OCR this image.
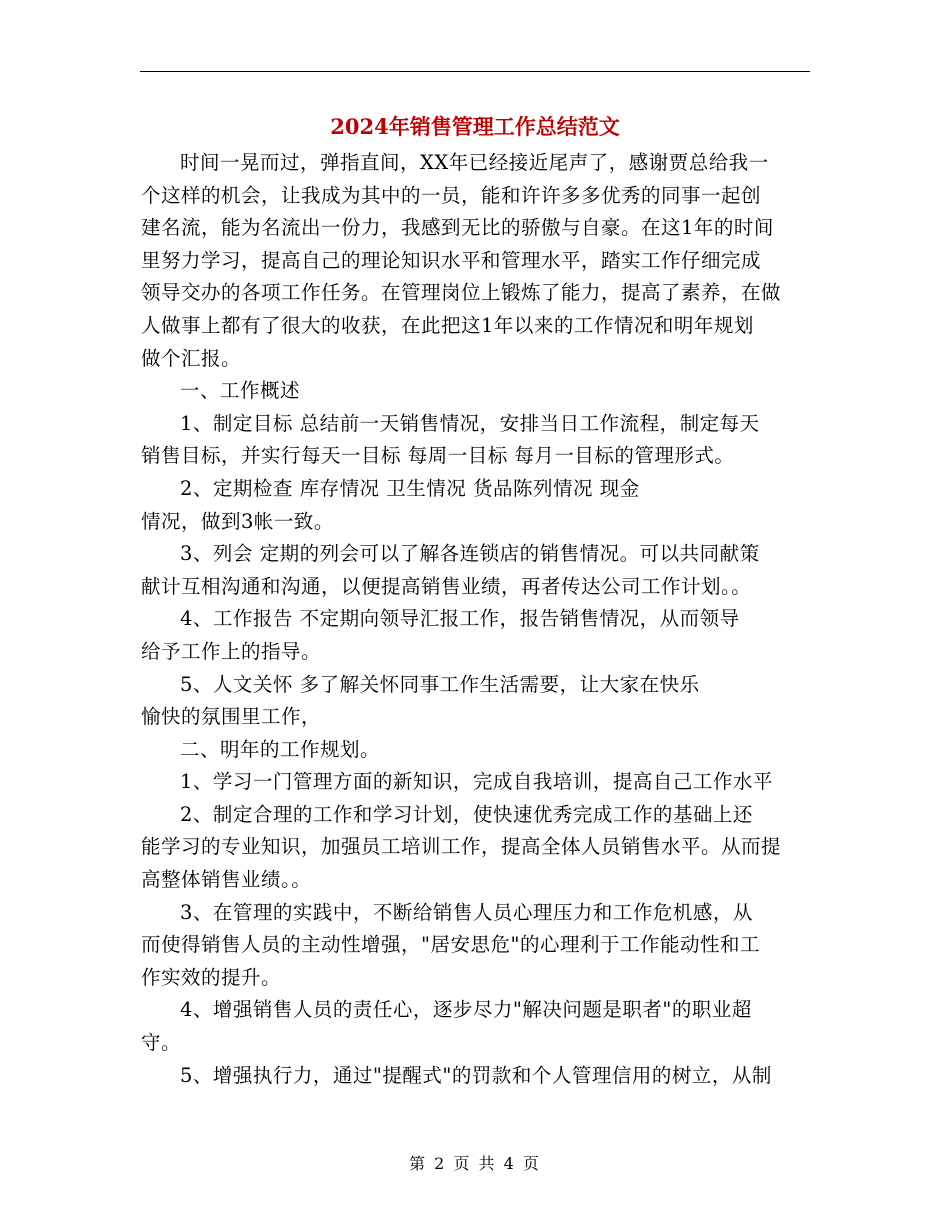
2024年销售管理工作总结范文

时间一晃而过，弹指直间，XX年已经接近尾声了，感谢贾总给我一
个这样的机会，让我成为其中的一员，能和许许多多优秀的同事一起创
建名流，能为名流出一份力，我感到无比的骄傲与自豪。在这1年的时间
里努力学习，提高自己的理论知识水平和管理水平，踏实工作仔细完成
领导交办的各项工作任务。在管理岗位上锻炼了能力，提高了素养，在做
人做事上都有了很大的收获，在此把这1年以来的工作情况和明年规划
做个汇报。

一、工作概述

1、制定目标 总结前一天销售情况，安排当日工作流程，制定每天
销售目标，并实行每天一目标 每周一目标 每月一目标的管理形式。

2、定期检查 库存情况 卫生情况 货品陈列情况 现金
情况，做到3帐一致。

3、列会 定期的列会可以了解各连锁店的销售情况。可以共同献策
献计互相沟通和沟通，以便提高销售业绩，再者传达公司工作计划。。

4、工作报告 不定期向领导汇报工作，报告销售情况，从而领导
给予工作上的指导。

5、人文关怀 多了解关怀同事工作生活需要，让大家在快乐
愉快的氛围里工作，

二、明年的工作规划。

1、学习一门管理方面的新知识，完成自我培训，提高自己工作水平

2、制定合理的工作和学习计划，使快速优秀完成工作的基础上还
能学习的专业知识，加强员工培训工作，提高全体人员销售水平。从而提
高整体销售业绩。。

3、在管理的实践中，不断给销售人员心理压力和工作危机感，从
而使得销售人员的主动性增强，"居安思危"的心理利于工作能动性和工
作实效的提升。

4、增强销售人员的责任心，逐步尽力"解决问题是职者"的职业超
守。

5、增强执行力，通过"提醒式"的罚款和个人管理信用的树立，从制

第 2 页 共 4 页
